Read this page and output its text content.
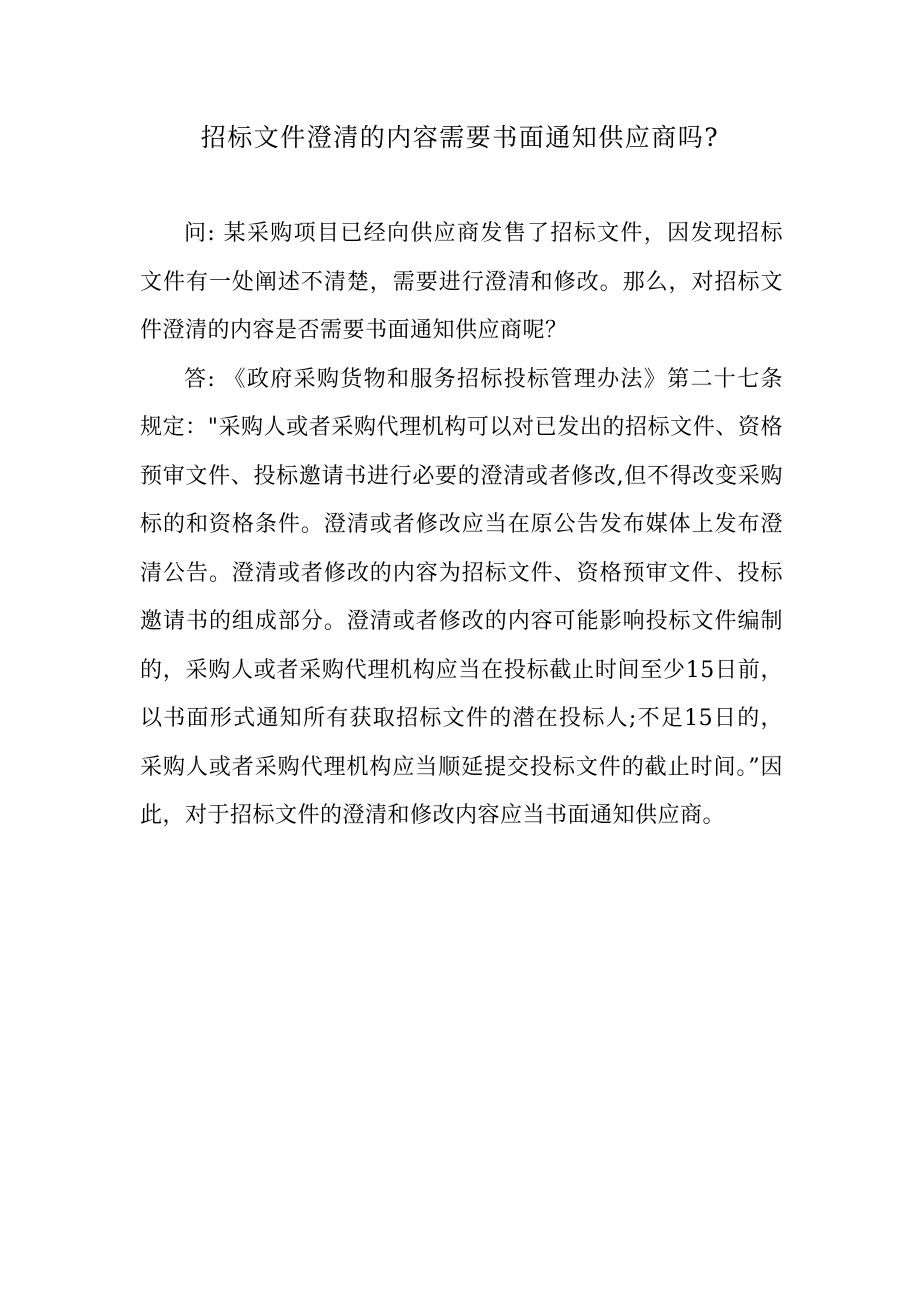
招标文件澄清的内容需要书面通知供应商吗?

问: 某采购项目已经向供应商发售了招标文件，因发现招标文件有一处阐述不清楚，需要进行澄清和修改。那么，对招标文件澄清的内容是否需要书面通知供应商呢？

答: 《政府采购货物和服务招标投标管理办法》第二十七条规定："采购人或者采购代理机构可以对已发出的招标文件、资格预审文件、投标邀请书进行必要的澄清或者修改,但不得改变采购标的和资格条件。澄清或者修改应当在原公告发布媒体上发布澄清公告。澄清或者修改的内容为招标文件、资格预审文件、投标邀请书的组成部分。澄清或者修改的内容可能影响投标文件编制的，采购人或者采购代理机构应当在投标截止时间至少15日前，以书面形式通知所有获取招标文件的潜在投标人;不足15日的，采购人或者采购代理机构应当顺延提交投标文件的截止时间。”因此，对于招标文件的澄清和修改内容应当书面通知供应商。
